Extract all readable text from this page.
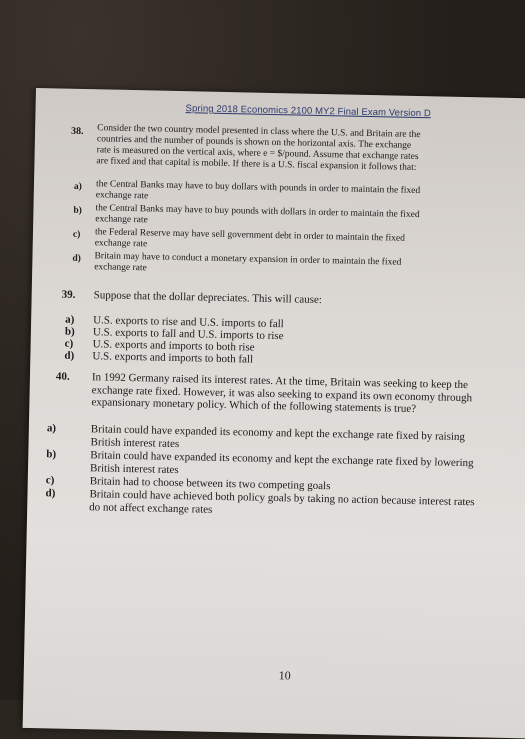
Spring 2018 Economics 2100 MY2 Final Exam Version D
38. Consider the two country model presented in class where the U.S. and Britain are the countries and the number of pounds is shown on the horizontal axis. The exchange rate is measured on the vertical axis, where e = $/pound. Assume that exchange rates are fixed and that capital is mobile. If there is a U.S. fiscal expansion it follows that:
a) the Central Banks may have to buy dollars with pounds in order to maintain the fixed exchange rate
b) the Central Banks may have to buy pounds with dollars in order to maintain the fixed exchange rate
c) the Federal Reserve may have sell government debt in order to maintain the fixed exchange rate
d) Britain may have to conduct a monetary expansion in order to maintain the fixed exchange rate
39. Suppose that the dollar depreciates. This will cause:
a) U.S. exports to rise and U.S. imports to fall
b) U.S. exports to fall and U.S. imports to rise
c) U.S. exports and imports to both rise
d) U.S. exports and imports to both fall
40. In 1992 Germany raised its interest rates. At the time, Britain was seeking to keep the exchange rate fixed. However, it was also seeking to expand its own economy through expansionary monetary policy. Which of the following statements is true?
a)	Britain could have expanded its economy and kept the exchange rate fixed by raising British interest rates
b)	Britain could have expanded its economy and kept the exchange rate fixed by lowering British interest rates
c)	Britain had to choose between its two competing goals
d)	Britain could have achieved both policy goals by taking no action because interest rates do not affect exchange rates
10
